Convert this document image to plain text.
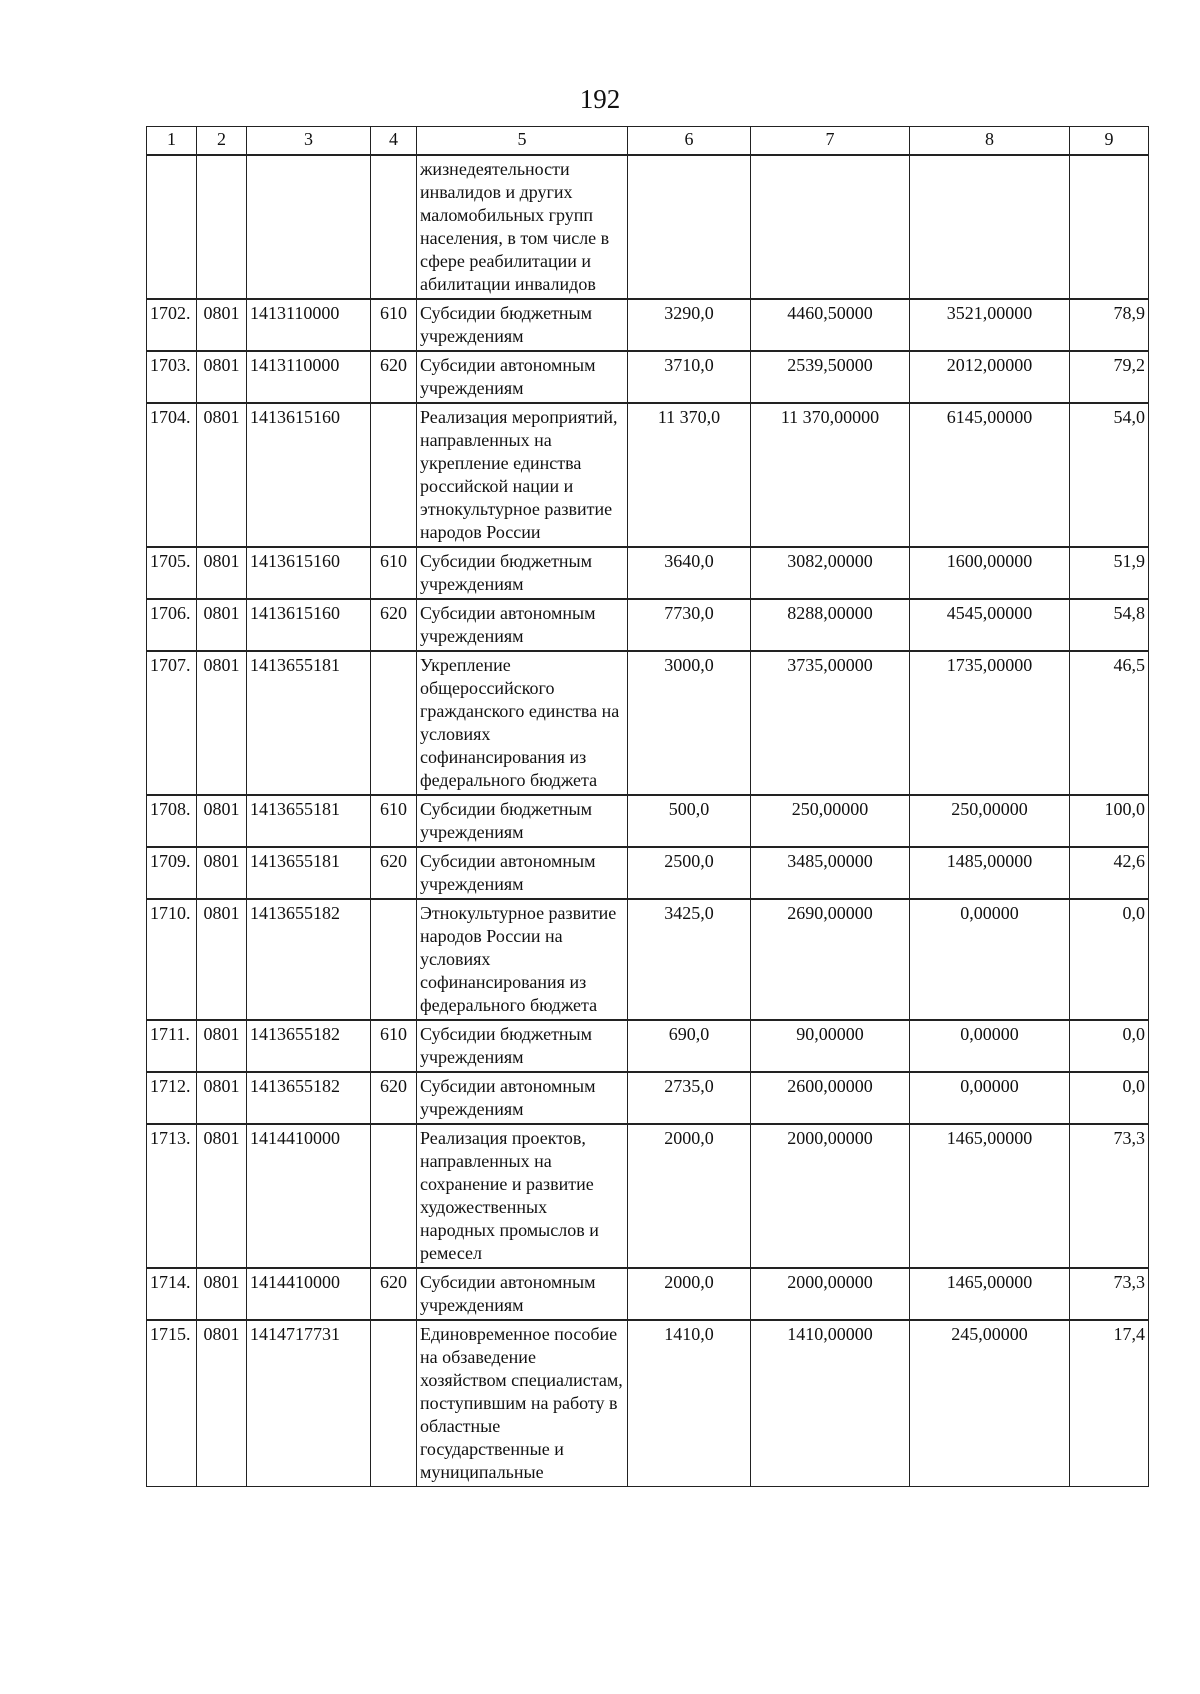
192
1	2	3	4	5	6	7	8	9
				жизнедеятельности инвалидов и других маломобильных групп населения, в том числе в сфере реабилитации и абилитации инвалидов				
1702.	0801	1413110000	610	Субсидии бюджетным учреждениям	3290,0	4460,50000	3521,00000	78,9
1703.	0801	1413110000	620	Субсидии автономным учреждениям	3710,0	2539,50000	2012,00000	79,2
1704.	0801	1413615160		Реализация мероприятий, направленных на укрепление единства российской нации и этнокультурное развитие народов России	11 370,0	11 370,00000	6145,00000	54,0
1705.	0801	1413615160	610	Субсидии бюджетным учреждениям	3640,0	3082,00000	1600,00000	51,9
1706.	0801	1413615160	620	Субсидии автономным учреждениям	7730,0	8288,00000	4545,00000	54,8
1707.	0801	1413655181		Укрепление общероссийского гражданского единства на условиях софинансирования из федерального бюджета	3000,0	3735,00000	1735,00000	46,5
1708.	0801	1413655181	610	Субсидии бюджетным учреждениям	500,0	250,00000	250,00000	100,0
1709.	0801	1413655181	620	Субсидии автономным учреждениям	2500,0	3485,00000	1485,00000	42,6
1710.	0801	1413655182		Этнокультурное развитие народов России на условиях софинансирования из федерального бюджета	3425,0	2690,00000	0,00000	0,0
1711.	0801	1413655182	610	Субсидии бюджетным учреждениям	690,0	90,00000	0,00000	0,0
1712.	0801	1413655182	620	Субсидии автономным учреждениям	2735,0	2600,00000	0,00000	0,0
1713.	0801	1414410000		Реализация проектов, направленных на сохранение и развитие художественных народных промыслов и ремесел	2000,0	2000,00000	1465,00000	73,3
1714.	0801	1414410000	620	Субсидии автономным учреждениям	2000,0	2000,00000	1465,00000	73,3
1715.	0801	1414717731		Единовременное пособие на обзаведение хозяйством специалистам, поступившим на работу в областные государственные и муниципальные	1410,0	1410,00000	245,00000	17,4
